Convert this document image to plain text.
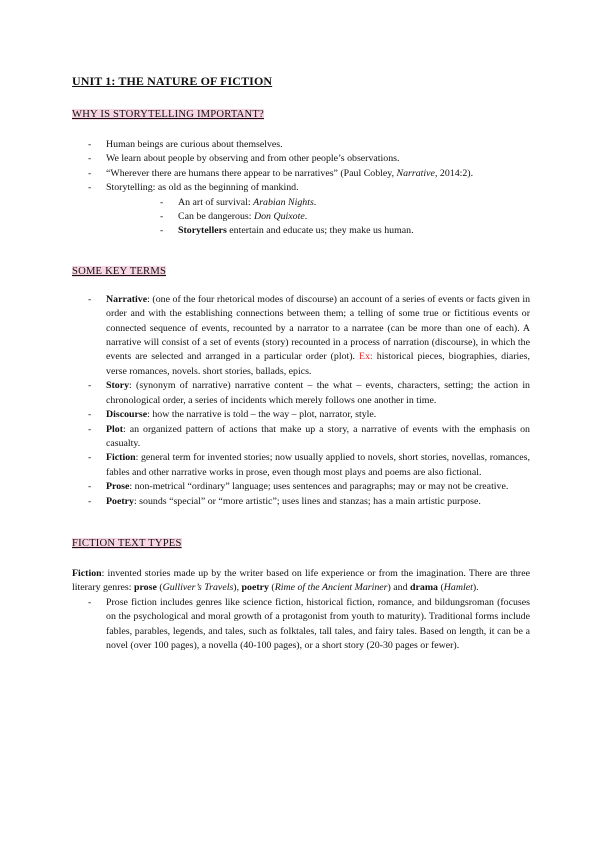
UNIT 1: THE NATURE OF FICTION
WHY IS STORYTELLING IMPORTANT?
- Human beings are curious about themselves.
- We learn about people by observing and from other people’s observations.
- “Wherever there are humans there appear to be narratives” (Paul Cobley, Narrative, 2014:2).
- Storytelling: as old as the beginning of mankind.
- An art of survival: Arabian Nights.
- Can be dangerous: Don Quixote.
- Storytellers entertain and educate us; they make us human.
SOME KEY TERMS
- Narrative: (one of the four rhetorical modes of discourse) an account of a series of events or facts given in order and with the establishing connections between them; a telling of some true or fictitious events or connected sequence of events, recounted by a narrator to a narratee (can be more than one of each). A narrative will consist of a set of events (story) recounted in a process of narration (discourse), in which the events are selected and arranged in a particular order (plot). Ex: historical pieces, biographies, diaries, verse romances, novels. short stories, ballads, epics.
- Story: (synonym of narrative) narrative content – the what – events, characters, setting; the action in chronological order, a series of incidents which merely follows one another in time.
- Discourse: how the narrative is told – the way – plot, narrator, style.
- Plot: an organized pattern of actions that make up a story, a narrative of events with the emphasis on casualty.
- Fiction: general term for invented stories; now usually applied to novels, short stories, novellas, romances, fables and other narrative works in prose, even though most plays and poems are also fictional.
- Prose: non-metrical “ordinary” language; uses sentences and paragraphs; may or may not be creative.
- Poetry: sounds “special” or “more artistic”; uses lines and stanzas; has a main artistic purpose.
FICTION TEXT TYPES

Fiction: invented stories made up by the writer based on life experience or from the imagination. There are three literary genres: prose (Gulliver’s Travels), poetry (Rime of the Ancient Mariner) and drama (Hamlet).

- Prose fiction includes genres like science fiction, historical fiction, romance, and bildungsroman (focuses on the psychological and moral growth of a protagonist from youth to maturity). Traditional forms include fables, parables, legends, and tales, such as folktales, tall tales, and fairy tales. Based on length, it can be a novel (over 100 pages), a novella (40-100 pages), or a short story (20-30 pages or fewer).
